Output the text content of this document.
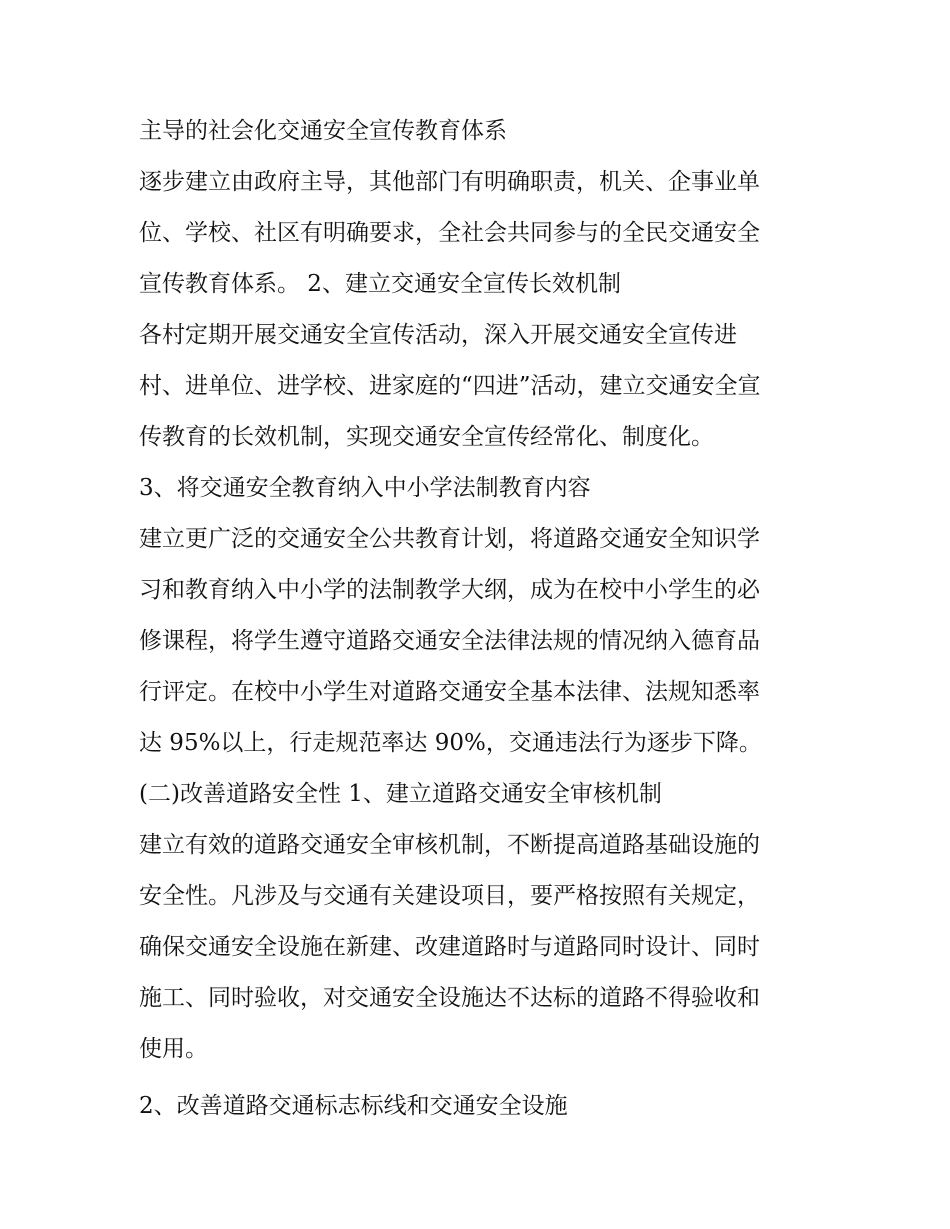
主导的社会化交通安全宣传教育体系
逐步建立由政府主导，其他部门有明确职责，机关、企事业单
位、学校、社区有明确要求，全社会共同参与的全民交通安全
宣传教育体系。 2、建立交通安全宣传长效机制
各村定期开展交通安全宣传活动，深入开展交通安全宣传进
村、进单位、进学校、进家庭的“四进”活动，建立交通安全宣
传教育的长效机制，实现交通安全宣传经常化、制度化。
3、将交通安全教育纳入中小学法制教育内容
建立更广泛的交通安全公共教育计划，将道路交通安全知识学
习和教育纳入中小学的法制教学大纲，成为在校中小学生的必
修课程，将学生遵守道路交通安全法律法规的情况纳入德育品
行评定。在校中小学生对道路交通安全基本法律、法规知悉率
达 95%以上，行走规范率达 90%，交通违法行为逐步下降。
(二)改善道路安全性 1、建立道路交通安全审核机制
建立有效的道路交通安全审核机制，不断提高道路基础设施的
安全性。凡涉及与交通有关建设项目，要严格按照有关规定，
确保交通安全设施在新建、改建道路时与道路同时设计、同时
施工、同时验收，对交通安全设施达不达标的道路不得验收和
使用。
2、改善道路交通标志标线和交通安全设施
